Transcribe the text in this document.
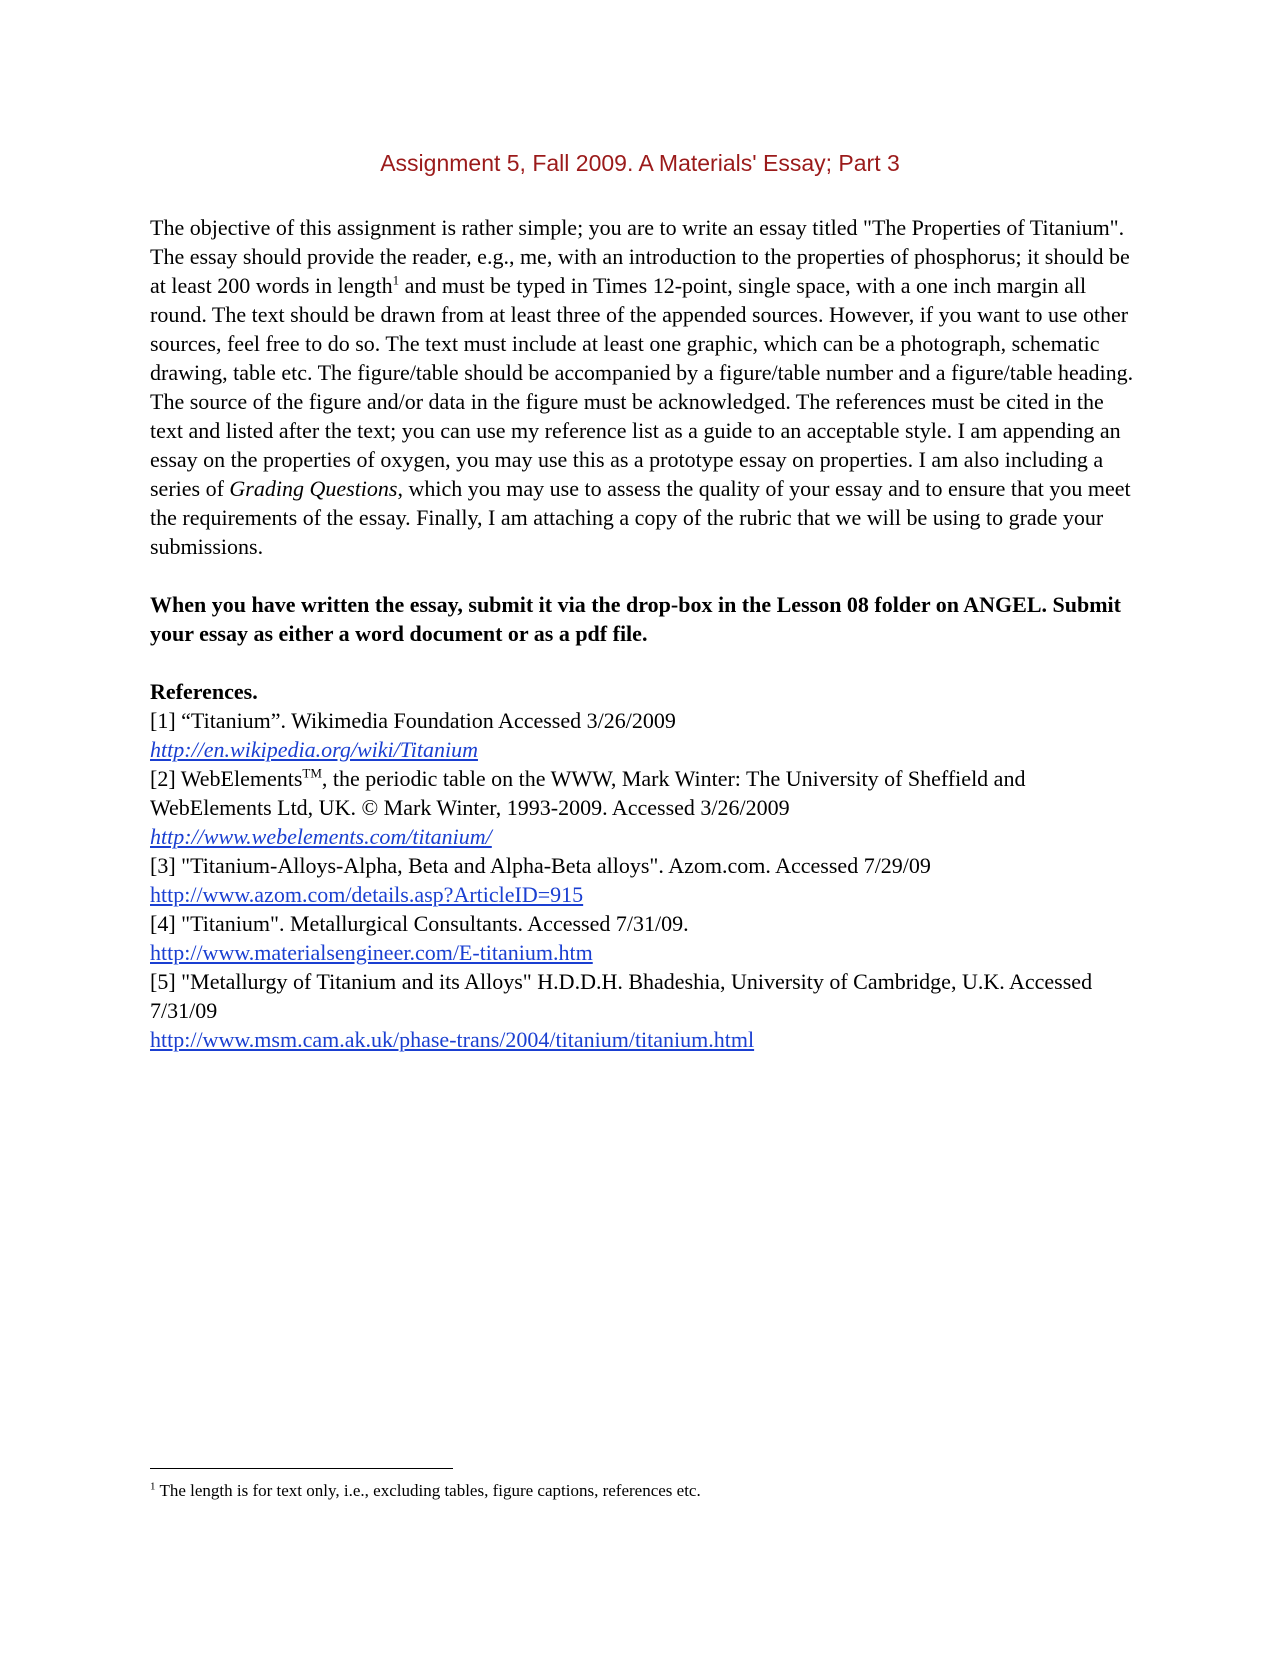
Assignment 5, Fall 2009. A Materials' Essay; Part 3

The objective of this assignment is rather simple; you are to write an essay titled "The Properties of Titanium". The essay should provide the reader, e.g., me, with an introduction to the properties of phosphorus; it should be at least 200 words in length$^1$ and must be typed in Times 12-point, single space, with a one inch margin all round. The text should be drawn from at least three of the appended sources. However, if you want to use other sources, feel free to do so. The text must include at least one graphic, which can be a photograph, schematic drawing, table etc. The figure/table should be accompanied by a figure/table number and a figure/table heading. The source of the figure and/or data in the figure must be acknowledged. The references must be cited in the text and listed after the text; you can use my reference list as a guide to an acceptable style. I am appending an essay on the properties of oxygen, you may use this as a prototype essay on properties. I am also including a series of Grading Questions, which you may use to assess the quality of your essay and to ensure that you meet the requirements of the essay. Finally, I am attaching a copy of the rubric that we will be using to grade your submissions.

When you have written the essay, submit it via the drop-box in the Lesson 08 folder on ANGEL. Submit your essay as either a word document or as a pdf file.

References.

[1] “Titanium”. Wikimedia Foundation Accessed 3/26/2009

http://en.wikipedia.org/wiki/Titanium

[2] WebElements™, the periodic table on the WWW, Mark Winter: The University of Sheffield and WebElements Ltd, UK. © Mark Winter, 1993-2009. Accessed 3/26/2009

http://www.webelements.com/titanium/

[3] "Titanium-Alloys-Alpha, Beta and Alpha-Beta alloys". Azom.com. Accessed 7/29/09

http://www.azom.com/details.asp?ArticleID=915

[4] "Titanium". Metallurgical Consultants. Accessed 7/31/09.

http://www.materialsengineer.com/E-titanium.htm

[5] "Metallurgy of Titanium and its Alloys" H.D.D.H. Bhadeshia, University of Cambridge, U.K. Accessed 7/31/09

http://www.msm.cam.ak.uk/phase-trans/2004/titanium/titanium.html

$^1$ The length is for text only, i.e., excluding tables, figure captions, references etc.
